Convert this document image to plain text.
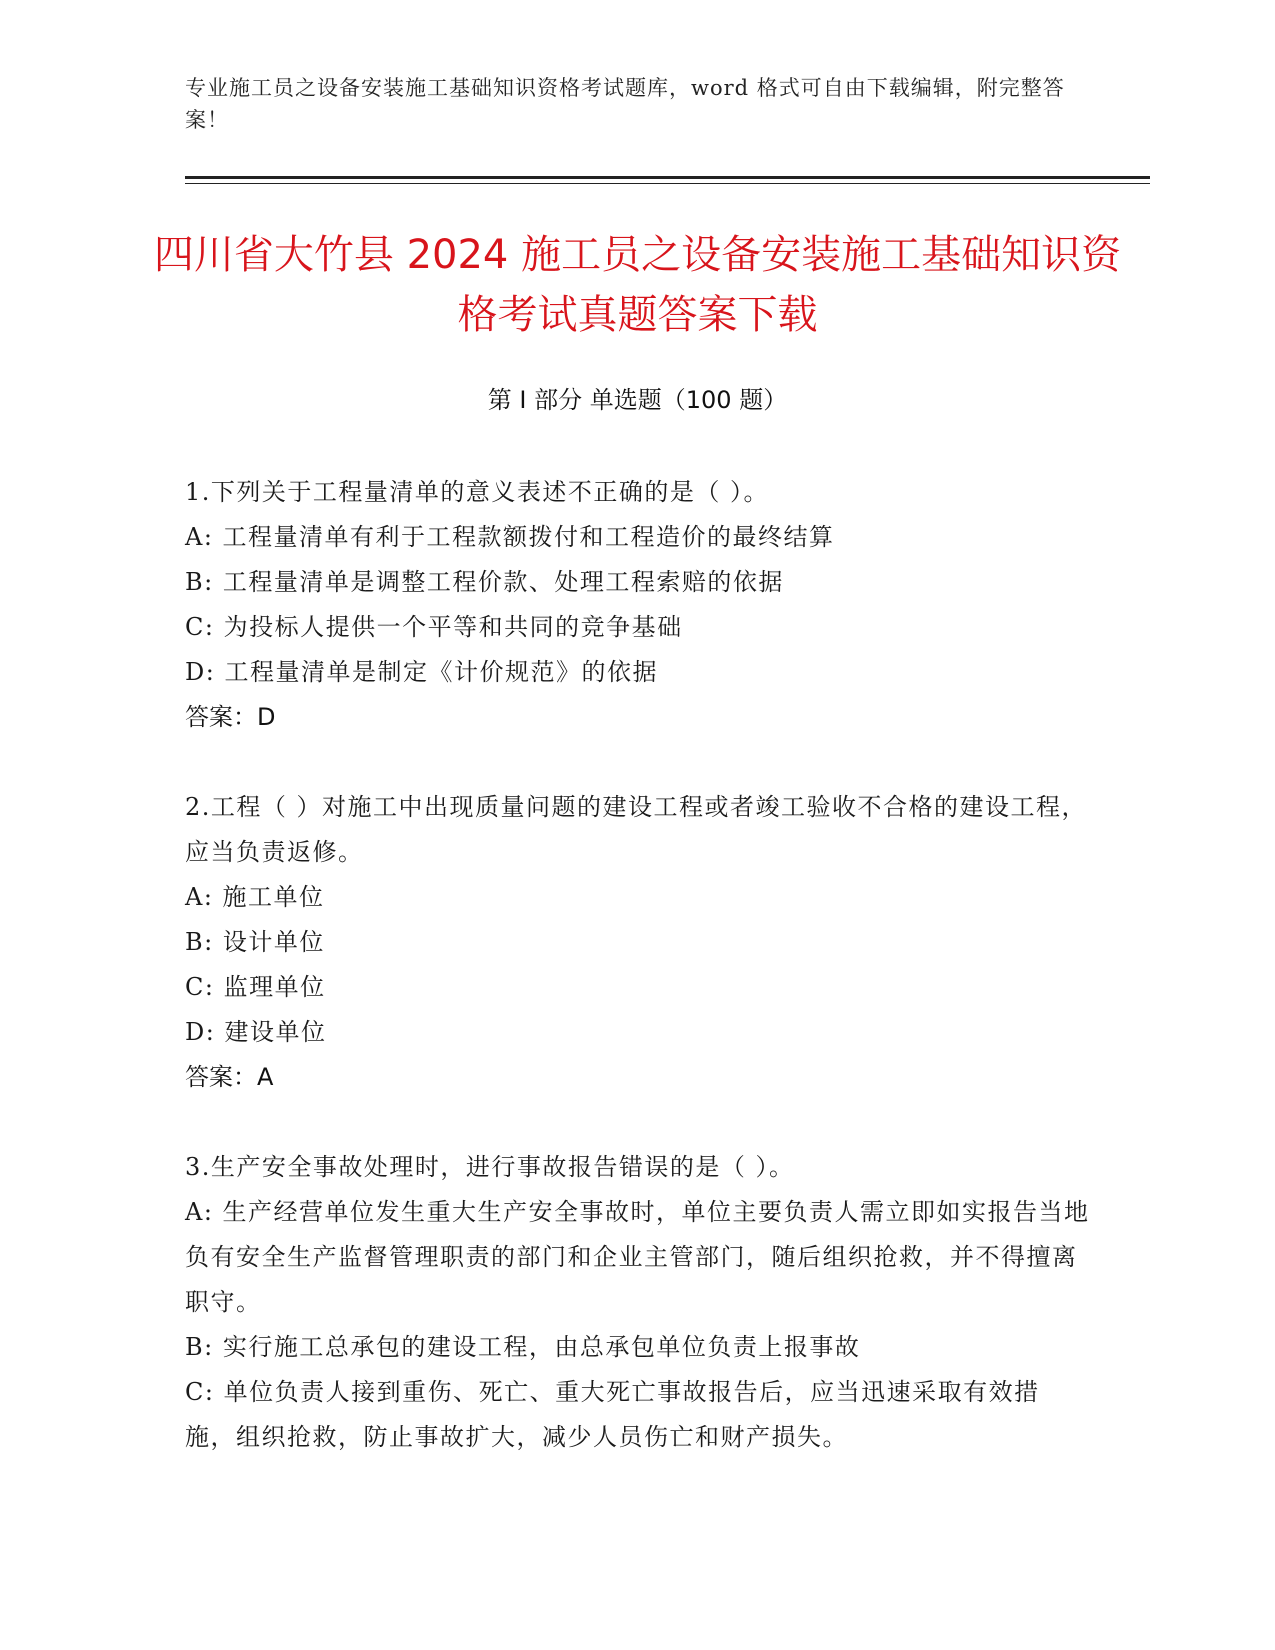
专业施工员之设备安装施工基础知识资格考试题库，word 格式可自由下载编辑，附完整答案！
四川省大竹县 2024 施工员之设备安装施工基础知识资格考试真题答案下载
第 I 部分 单选题（100 题）
1.下列关于工程量清单的意义表述不正确的是（ ）。
A: 工程量清单有利于工程款额拨付和工程造价的最终结算
B: 工程量清单是调整工程价款、处理工程索赔的依据
C: 为投标人提供一个平等和共同的竞争基础
D: 工程量清单是制定《计价规范》的依据
答案：D
2.工程（ ）对施工中出现质量问题的建设工程或者竣工验收不合格的建设工程，应当负责返修。
A: 施工单位
B: 设计单位
C: 监理单位
D: 建设单位
答案：A
3.生产安全事故处理时，进行事故报告错误的是（ ）。
A: 生产经营单位发生重大生产安全事故时，单位主要负责人需立即如实报告当地负有安全生产监督管理职责的部门和企业主管部门，随后组织抢救，并不得擅离职守。
B: 实行施工总承包的建设工程，由总承包单位负责上报事故
C: 单位负责人接到重伤、死亡、重大死亡事故报告后，应当迅速采取有效措施，组织抢救，防止事故扩大，减少人员伤亡和财产损失。
